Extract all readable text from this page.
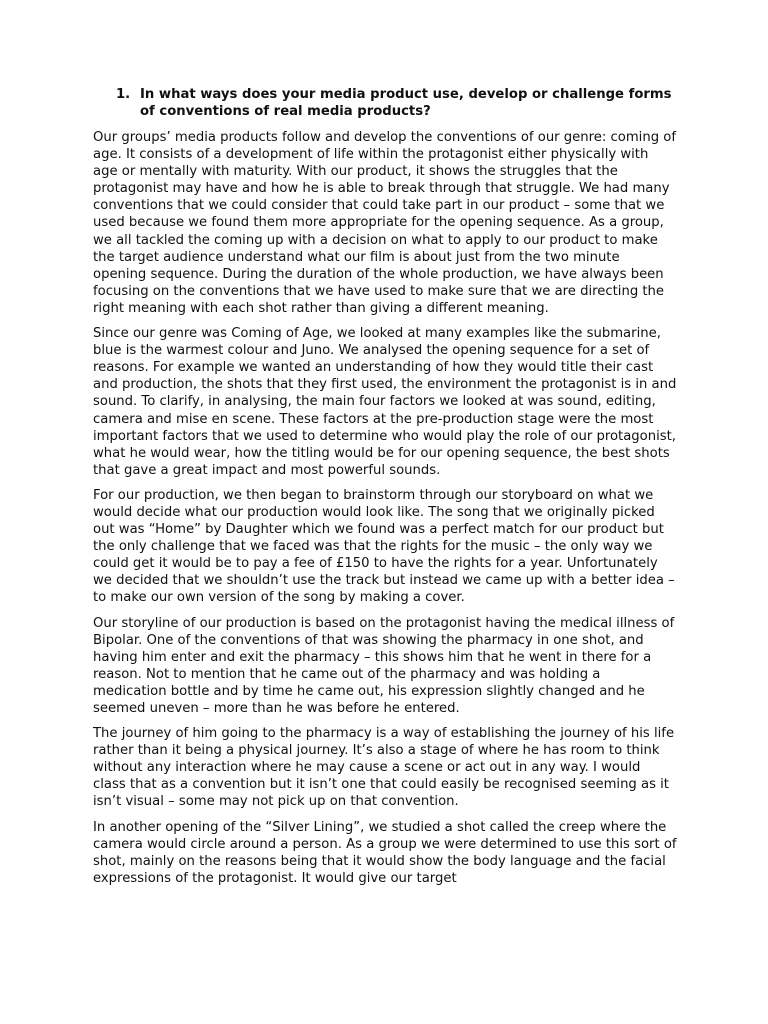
1. In what ways does your media product use, develop or challenge forms of conventions of real media products?

Our groups’ media products follow and develop the conventions of our genre: coming of age. It consists of a development of life within the protagonist either physically with age or mentally with maturity. With our product, it shows the struggles that the protagonist may have and how he is able to break through that struggle. We had many conventions that we could consider that could take part in our product – some that we used because we found them more appropriate for the opening sequence. As a group, we all tackled the coming up with a decision on what to apply to our product to make the target audience understand what our film is about just from the two minute opening sequence. During the duration of the whole production, we have always been focusing on the conventions that we have used to make sure that we are directing the right meaning with each shot rather than giving a different meaning.

Since our genre was Coming of Age, we looked at many examples like the submarine, blue is the warmest colour and Juno. We analysed the opening sequence for a set of reasons. For example we wanted an understanding of how they would title their cast and production, the shots that they first used, the environment the protagonist is in and sound. To clarify, in analysing, the main four factors we looked at was sound, editing, camera and mise en scene. These factors at the pre-production stage were the most important factors that we used to determine who would play the role of our protagonist, what he would wear, how the titling would be for our opening sequence, the best shots that gave a great impact and most powerful sounds.

For our production, we then began to brainstorm through our storyboard on what we would decide what our production would look like. The song that we originally picked out was “Home” by Daughter which we found was a perfect match for our product but the only challenge that we faced was that the rights for the music – the only way we could get it would be to pay a fee of £150 to have the rights for a year. Unfortunately we decided that we shouldn’t use the track but instead we came up with a better idea – to make our own version of the song by making a cover.

Our storyline of our production is based on the protagonist having the medical illness of Bipolar. One of the conventions of that was showing the pharmacy in one shot, and having him enter and exit the pharmacy – this shows him that he went in there for a reason. Not to mention that he came out of the pharmacy and was holding a medication bottle and by time he came out, his expression slightly changed and he seemed uneven – more than he was before he entered.

The journey of him going to the pharmacy is a way of establishing the journey of his life rather than it being a physical journey. It’s also a stage of where he has room to think without any interaction where he may cause a scene or act out in any way. I would class that as a convention but it isn’t one that could easily be recognised seeming as it isn’t visual – some may not pick up on that convention.

In another opening of the “Silver Lining”, we studied a shot called the creep where the camera would circle around a person. As a group we were determined to use this sort of shot, mainly on the reasons being that it would show the body language and the facial expressions of the protagonist. It would give our target
